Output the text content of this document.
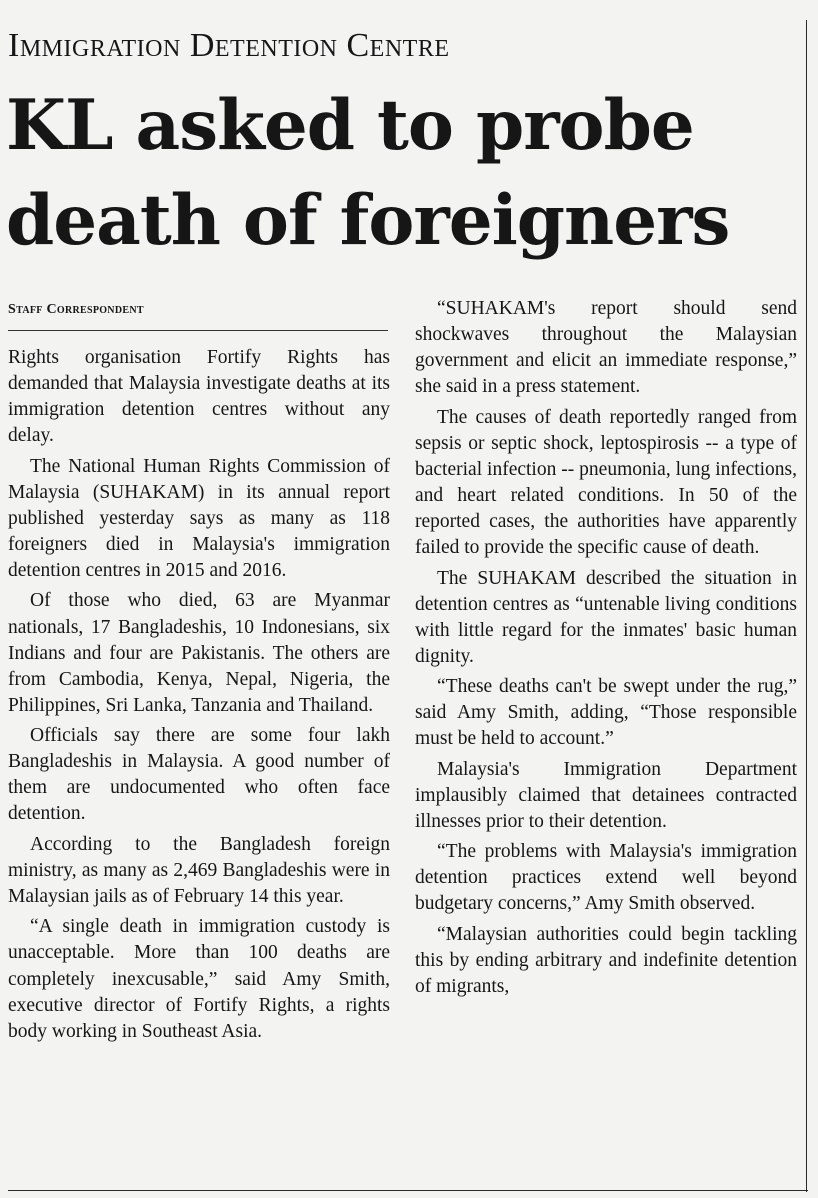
Immigration Detention Centre
KL asked to probe death of foreigners
Staff Correspondent

Rights organisation Fortify Rights has demanded that Malaysia investigate deaths at its immigration detention centres without any delay.

The National Human Rights Commission of Malaysia (SUHAKAM) in its annual report published yesterday says as many as 118 foreigners died in Malaysia's immigration detention centres in 2015 and 2016.

Of those who died, 63 are Myanmar nationals, 17 Bangladeshis, 10 Indonesians, six Indians and four are Pakistanis. The others are from Cambodia, Kenya, Nepal, Nigeria, the Philippines, Sri Lanka, Tanzania and Thailand.

Officials say there are some four lakh Bangladeshis in Malaysia. A good number of them are undocumented who often face detention.

According to the Bangladesh foreign ministry, as many as 2,469 Bangladeshis were in Malaysian jails as of February 14 this year.

“A single death in immigration custody is unacceptable. More than 100 deaths are completely inexcusable,” said Amy Smith, executive director of Fortify Rights, a rights body working in Southeast Asia.

“SUHAKAM's report should send shockwaves throughout the Malaysian government and elicit an immediate response,” she said in a press statement.

The causes of death reportedly ranged from sepsis or septic shock, leptospirosis -- a type of bacterial infection -- pneumonia, lung infections, and heart related conditions. In 50 of the reported cases, the authorities have apparently failed to provide the specific cause of death.

The SUHAKAM described the situation in detention centres as “untenable living conditions with little regard for the inmates' basic human dignity.

“These deaths can't be swept under the rug,” said Amy Smith, adding, “Those responsible must be held to account.”

Malaysia's Immigration Department implausibly claimed that detainees contracted illnesses prior to their detention.

“The problems with Malaysia's immigration detention practices extend well beyond budgetary concerns,” Amy Smith observed.

“Malaysian authorities could begin tackling this by ending arbitrary and indefinite detention of migrants,
